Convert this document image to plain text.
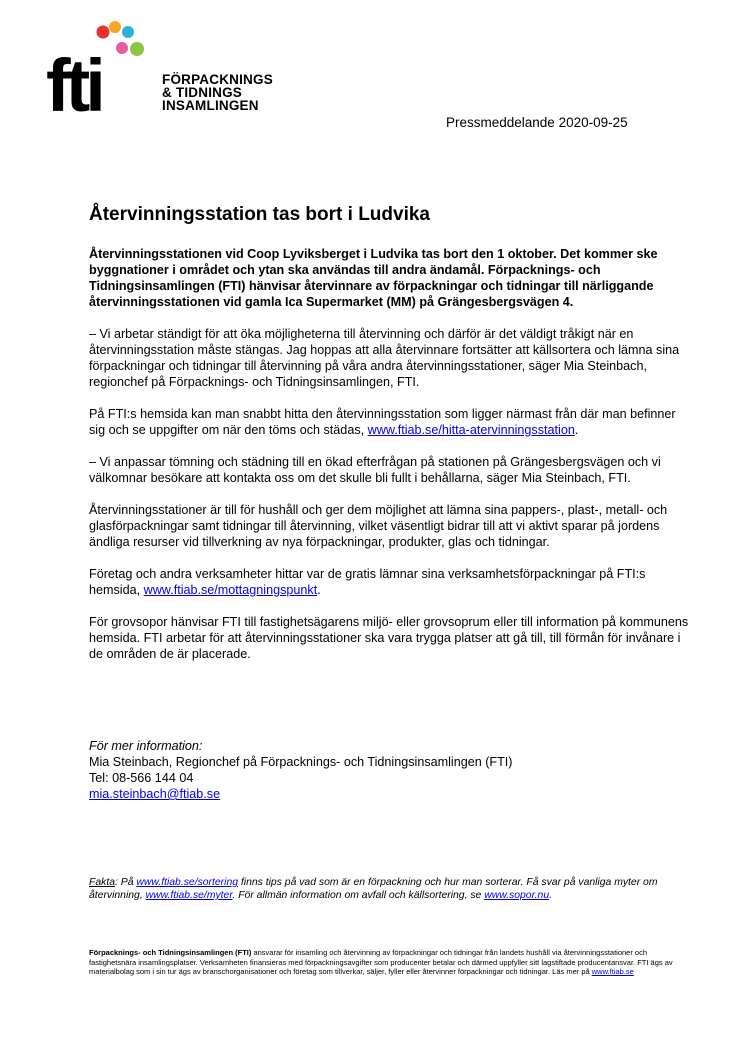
fti	FÖRPACKNINGS
& TIDNINGS
INSAMLINGEN
Pressmeddelande 2020-09-25
Återvinningsstation tas bort i Ludvika

Återvinningsstationen vid Coop Lyviksberget i Ludvika tas bort den 1 oktober. Det kommer ske byggnationer i området och ytan ska användas till andra ändamål. Förpacknings- och Tidningsinsamlingen (FTI) hänvisar återvinnare av förpackningar och tidningar till närliggande återvinningsstationen vid gamla Ica Supermarket (MM) på Grängesbergsvägen 4.

– Vi arbetar ständigt för att öka möjligheterna till återvinning och därför är det väldigt tråkigt när en återvinningsstation måste stängas. Jag hoppas att alla återvinnare fortsätter att källsortera och lämna sina förpackningar och tidningar till återvinning på våra andra återvinningsstationer, säger Mia Steinbach, regionchef på Förpacknings- och Tidningsinsamlingen, FTI.

På FTI:s hemsida kan man snabbt hitta den återvinningsstation som ligger närmast från där man befinner sig och se uppgifter om när den töms och städas, www.ftiab.se/hitta-atervinningsstation.

– Vi anpassar tömning och städning till en ökad efterfrågan på stationen på Grängesbergsvägen och vi välkomnar besökare att kontakta oss om det skulle bli fullt i behållarna, säger Mia Steinbach, FTI.

Återvinningsstationer är till för hushåll och ger dem möjlighet att lämna sina pappers-, plast-, metall- och glasförpackningar samt tidningar till återvinning, vilket väsentligt bidrar till att vi aktivt sparar på jordens ändliga resurser vid tillverkning av nya förpackningar, produkter, glas och tidningar.

Företag och andra verksamheter hittar var de gratis lämnar sina verksamhetsförpackningar på FTI:s hemsida, www.ftiab.se/mottagningspunkt.

För grovsopor hänvisar FTI till fastighetsägarens miljö- eller grovsoprum eller till information på kommunens hemsida. FTI arbetar för att återvinningsstationer ska vara trygga platser att gå till, till förmån för invånare i de områden de är placerade.

För mer information:
Mia Steinbach, Regionchef på Förpacknings- och Tidningsinsamlingen (FTI)
Tel: 08-566 144 04
mia.steinbach@ftiab.se
Fakta: På www.ftiab.se/sortering finns tips på vad som är en förpackning och hur man sorterar. Få svar på vanliga myter om återvinning, www.ftiab.se/myter. För allmän information om avfall och källsortering, se www.sopor.nu.
Förpacknings- och Tidningsinsamlingen (FTI) ansvarar för insamling och återvinning av förpackningar och tidningar från landets hushåll via återvinningsstationer och fastighetsnära insamlingsplatser. Verksamheten finansieras med förpackningsavgifter som producenter betalar och därmed uppfyller sitt lagstiftade producentansvar. FTI ägs av materialbolag som i sin tur ägs av branschorganisationer och företag som tillverkar, säljer, fyller eller återvinner förpackningar och tidningar. Läs mer på www.ftiab.se
